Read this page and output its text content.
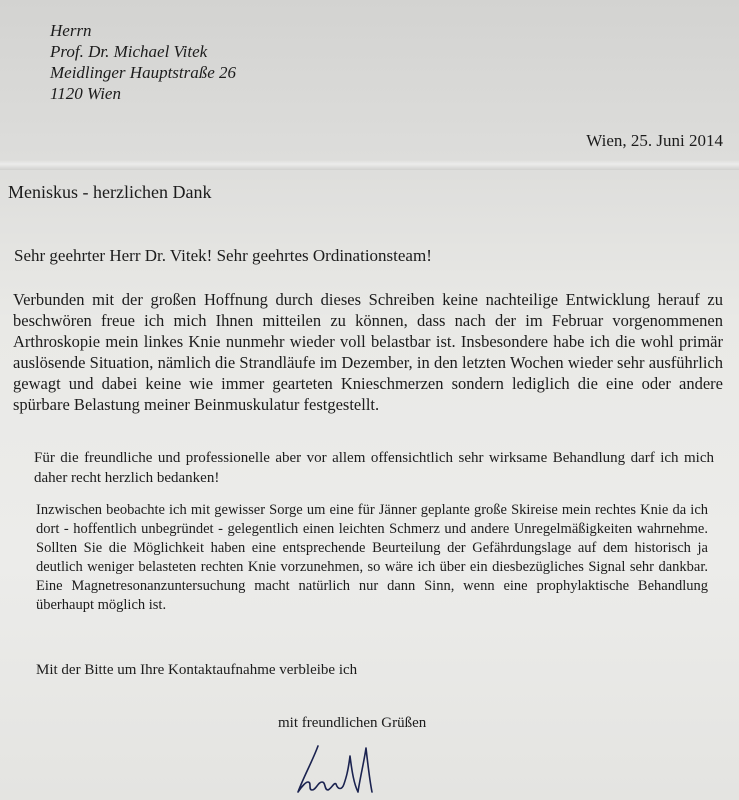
Herrn
Prof. Dr. Michael Vitek
Meidlinger Hauptstraße 26
1120 Wien
Wien, 25. Juni 2014
Meniskus - herzlichen Dank
Sehr geehrter Herr Dr. Vitek! Sehr geehrtes Ordinationsteam!
Verbunden mit der großen Hoffnung durch dieses Schreiben keine nachteilige Entwicklung herauf zu beschwören freue ich mich Ihnen mitteilen zu können, dass nach der im Februar vorgenommenen Arthroskopie mein linkes Knie nunmehr wieder voll belastbar ist. Insbesondere habe ich die wohl primär auslösende Situation, nämlich die Strandläufe im Dezember, in den letzten Wochen wieder sehr ausführlich gewagt und dabei keine wie immer gearteten Knieschmerzen sondern lediglich die eine oder andere spürbare Belastung meiner Beinmuskulatur festgestellt.
Für die freundliche und professionelle aber vor allem offensichtlich sehr wirksame Behandlung darf ich mich daher recht herzlich bedanken!
Inzwischen beobachte ich mit gewisser Sorge um eine für Jänner geplante große Skireise mein rechtes Knie da ich dort - hoffentlich unbegründet - gelegentlich einen leichten Schmerz und andere Unregelmäßigkeiten wahrnehme. Sollten Sie die Möglichkeit haben eine entsprechende Beurteilung der Gefährdungslage auf dem historisch ja deutlich weniger belasteten rechten Knie vorzunehmen, so wäre ich über ein diesbezügliches Signal sehr dankbar. Eine Magnetresonanzuntersuchung macht natürlich nur dann Sinn, wenn eine prophylaktische Behandlung überhaupt möglich ist.
Mit der Bitte um Ihre Kontaktaufnahme verbleibe ich
mit freundlichen Grüßen
